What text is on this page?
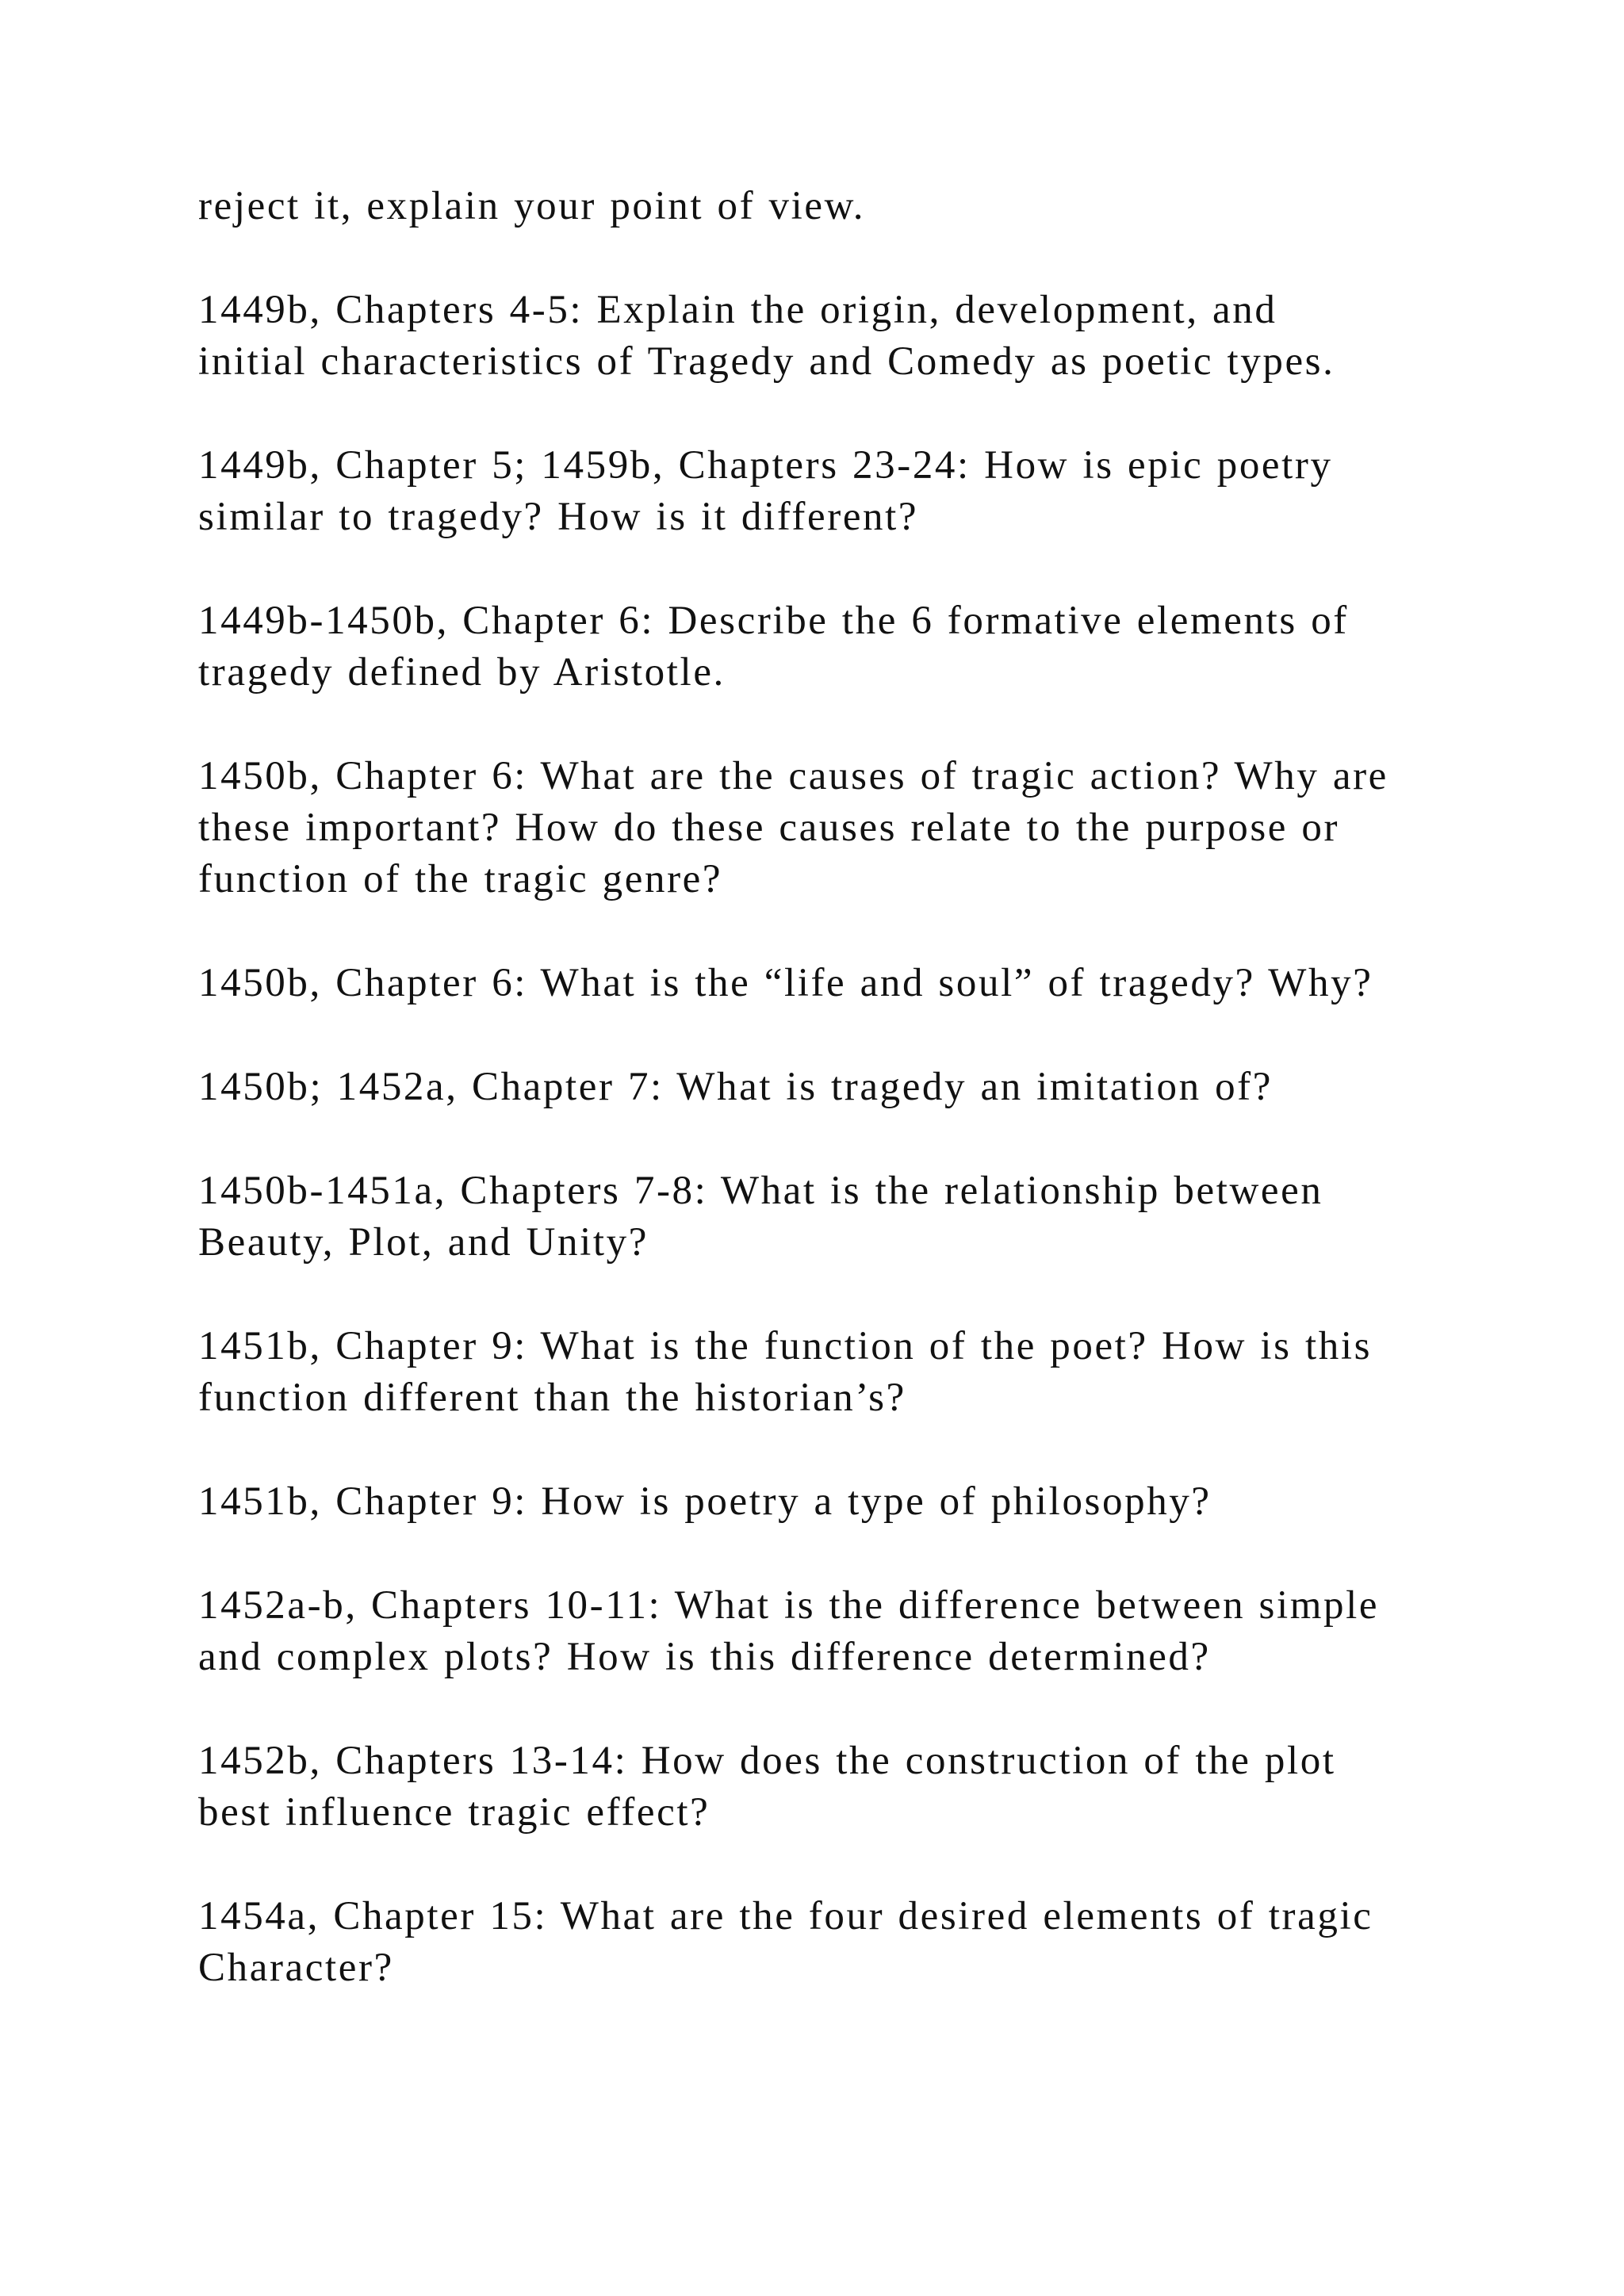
reject it, explain your point of view.

1449b, Chapters 4-5: Explain the origin, development, and
initial characteristics of Tragedy and Comedy as poetic types.

1449b, Chapter 5; 1459b, Chapters 23-24: How is epic poetry
similar to tragedy? How is it different?

1449b-1450b, Chapter 6: Describe the 6 formative elements of
tragedy defined by Aristotle.

1450b, Chapter 6: What are the causes of tragic action? Why are
these important? How do these causes relate to the purpose or
function of the tragic genre?

1450b, Chapter 6: What is the “life and soul” of tragedy? Why?

1450b; 1452a, Chapter 7: What is tragedy an imitation of?

1450b-1451a, Chapters 7-8: What is the relationship between
Beauty, Plot, and Unity?

1451b, Chapter 9: What is the function of the poet? How is this
function different than the historian’s?

1451b, Chapter 9: How is poetry a type of philosophy?

1452a-b, Chapters 10-11: What is the difference between simple
and complex plots? How is this difference determined?

1452b, Chapters 13-14: How does the construction of the plot
best influence tragic effect?

1454a, Chapter 15: What are the four desired elements of tragic
Character?
